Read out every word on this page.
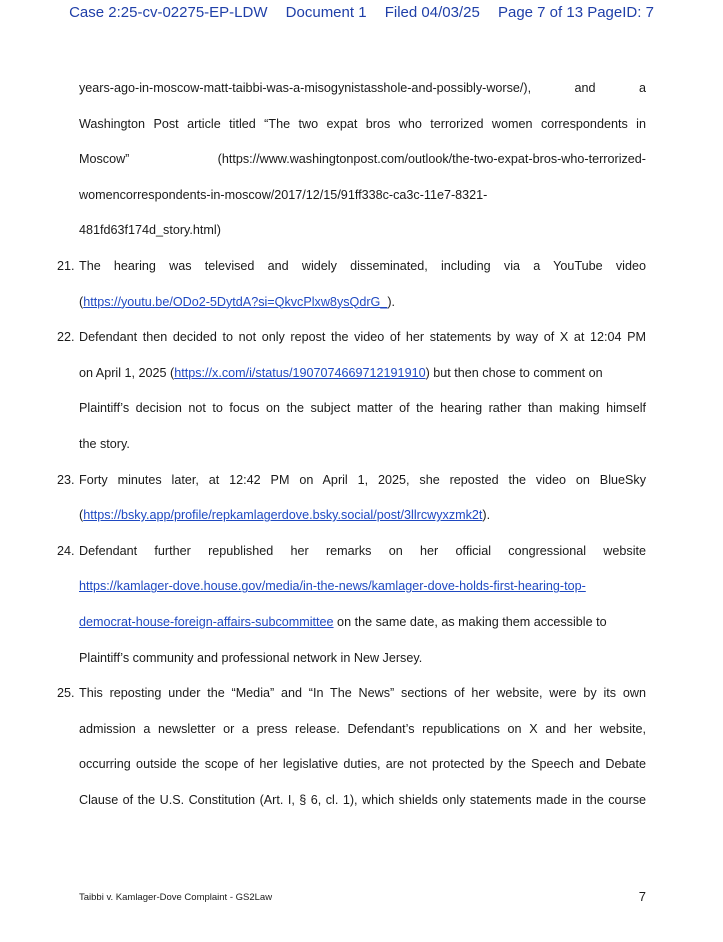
Case 2:25-cv-02275-EP-LDW Document 1 Filed 04/03/25 Page 7 of 13 PageID: 7
years-ago-in-moscow-matt-taibbi-was-a-misogynistasshole-and-possibly-worse/),	and	a
Washington Post article titled “The two expat bros who terrorized women correspondents in
Moscow”	(https://www.washingtonpost.com/outlook/the-two-expat-bros-who-terrorized-
womencorrespondents-in-moscow/2017/12/15/91ff338c-ca3c-11e7-8321-
481fd63f174d_story.html)
21. The hearing was televised and widely disseminated, including via a YouTube video
(https://youtu.be/ODo2-5DytdA?si=QkvcPlxw8ysQdrG_).
22. Defendant then decided to not only repost the video of her statements by way of X at 12:04 PM
on April 1, 2025 (https://x.com/i/status/1907074669712191910) but then chose to comment on
Plaintiff’s decision not to focus on the subject matter of the hearing rather than making himself
the story.
23. Forty minutes later, at 12:42 PM on April 1, 2025, she reposted the video on BlueSky
(https://bsky.app/profile/repkamlagerdove.bsky.social/post/3llrcwyxzmk2t).
24. Defendant further republished her remarks on her official congressional website
https://kamlager-dove.house.gov/media/in-the-news/kamlager-dove-holds-first-hearing-top-
democrat-house-foreign-affairs-subcommittee on the same date, as making them accessible to
Plaintiff’s community and professional network in New Jersey.
25. This reposting under the “Media” and “In The News” sections of her website, were by its own
admission a newsletter or a press release. Defendant’s republications on X and her website,
occurring outside the scope of her legislative duties, are not protected by the Speech and Debate
Clause of the U.S. Constitution (Art. I, § 6, cl. 1), which shields only statements made in the course
Taibbi v. Kamlager-Dove Complaint - GS2Law	7
